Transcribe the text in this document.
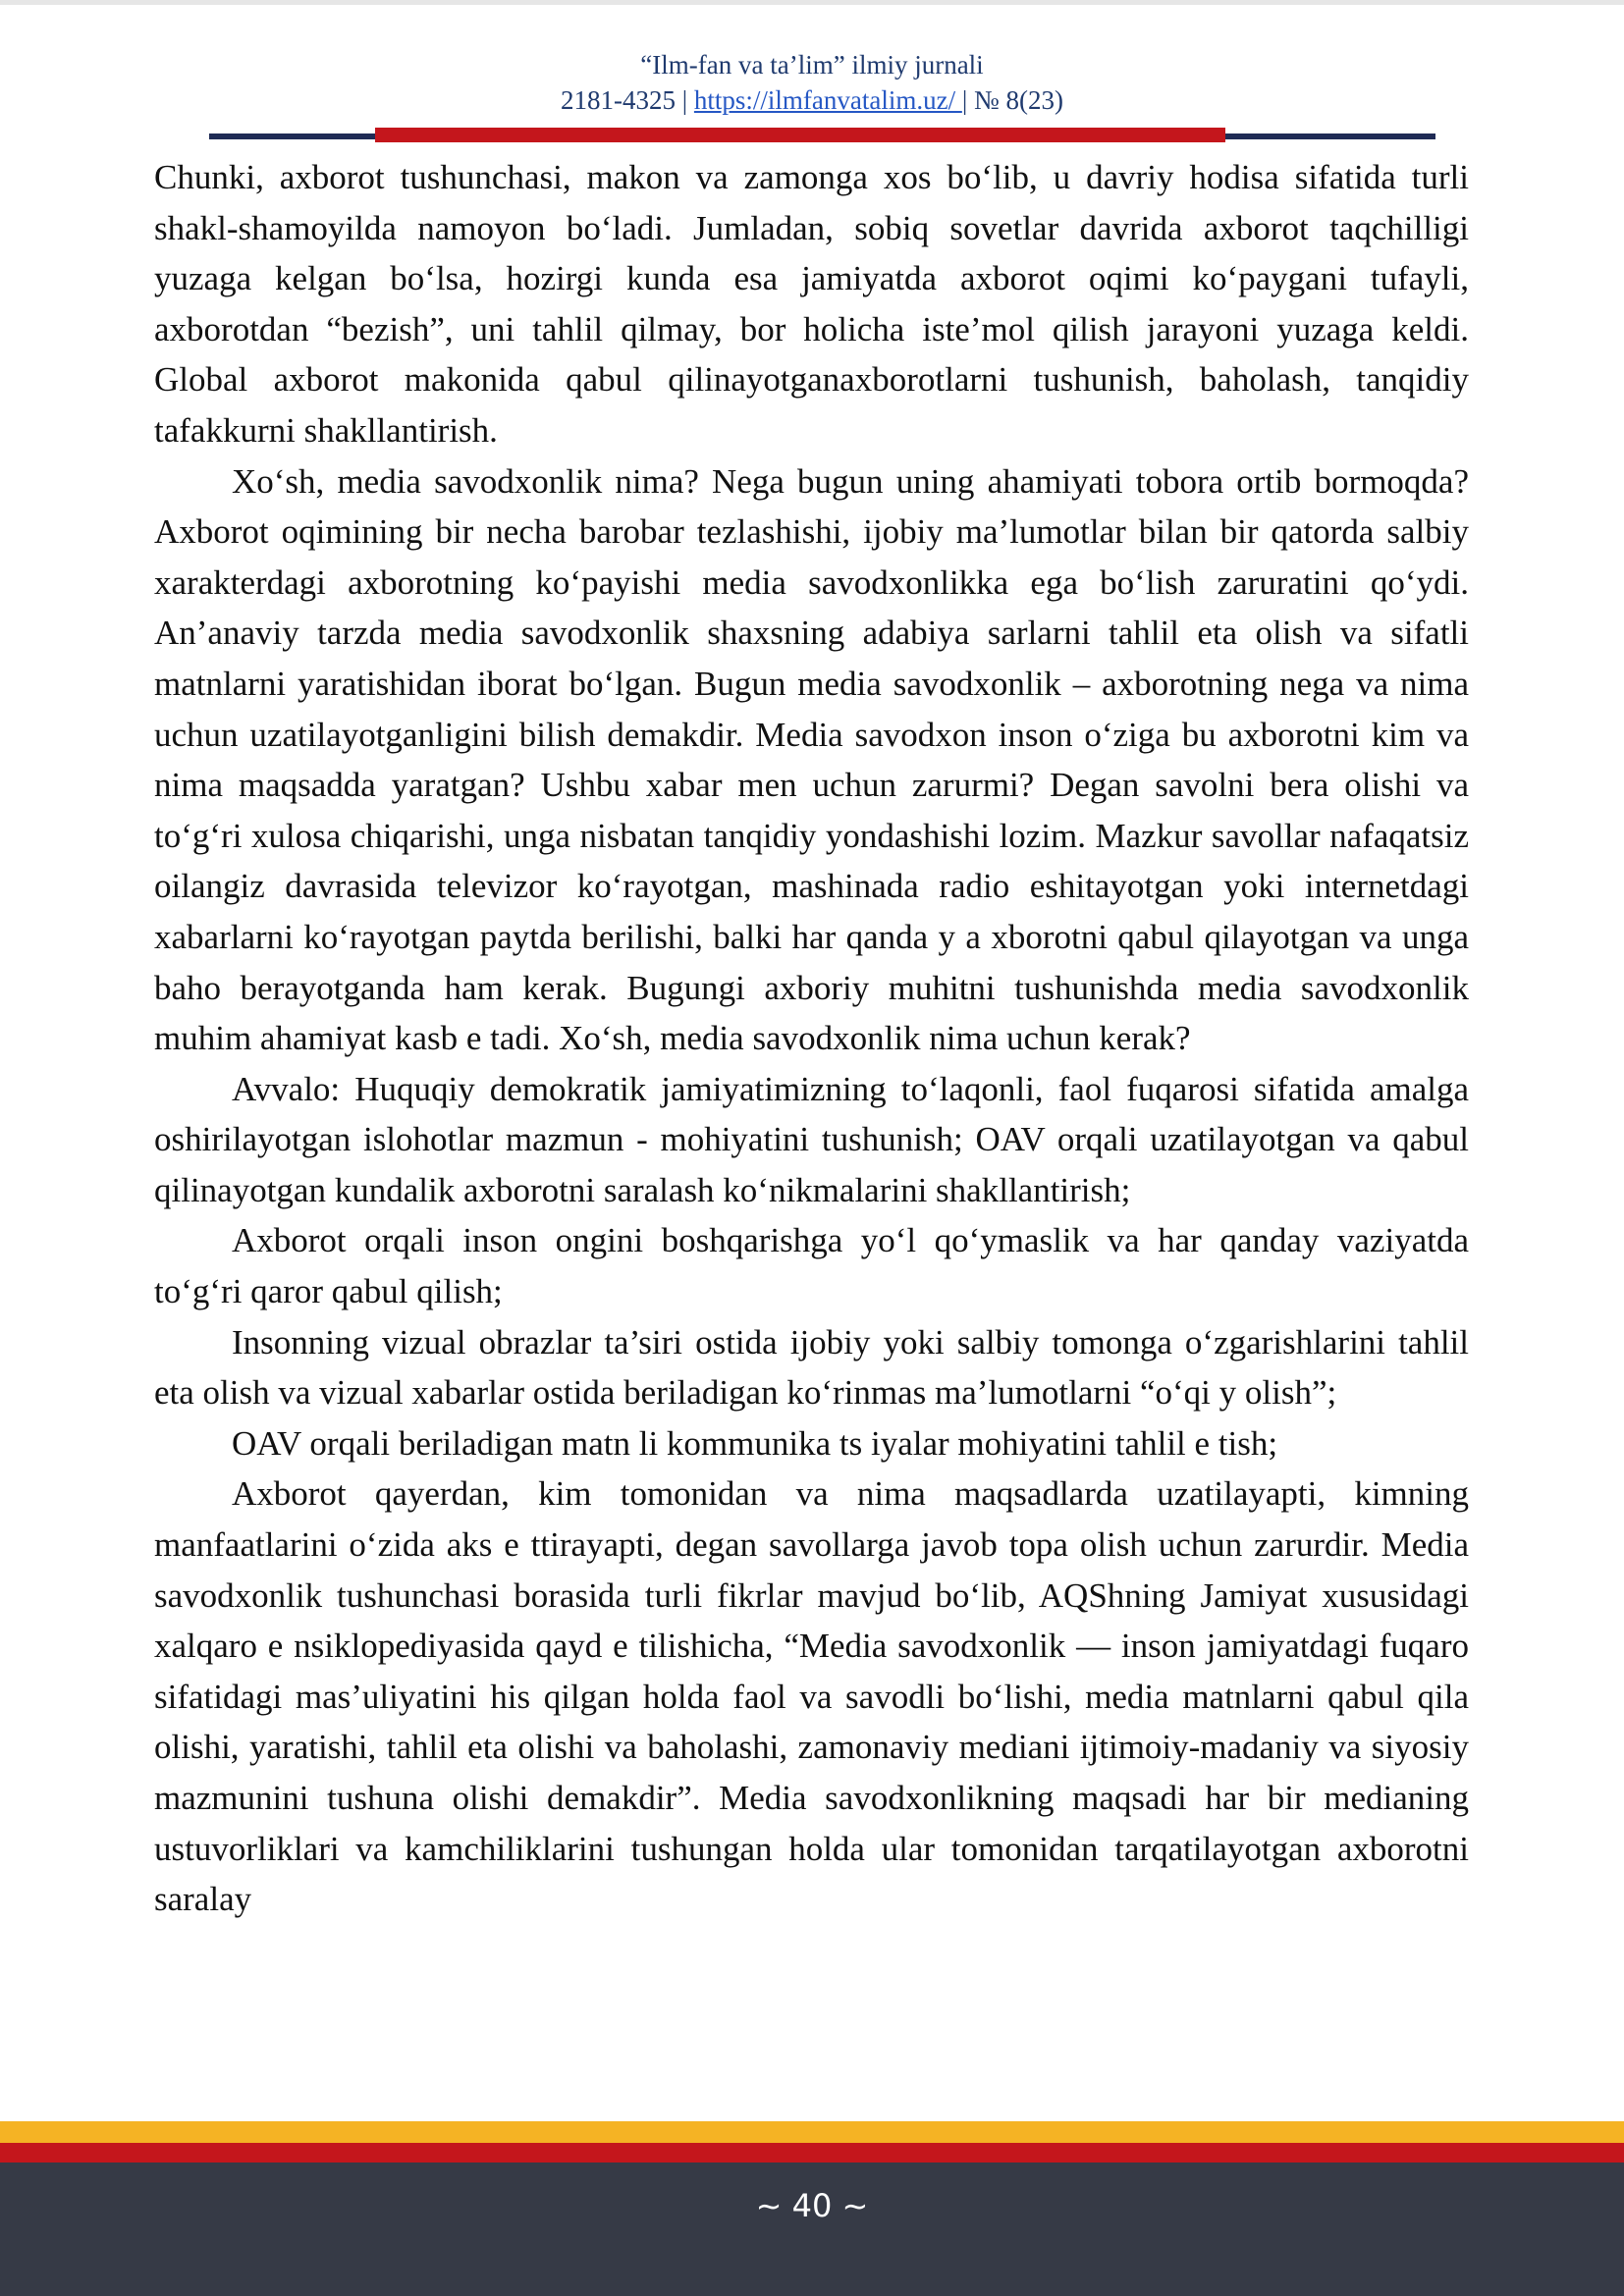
“Ilm-fan va ta’lim” ilmiy jurnali
2181-4325 | https://ilmfanvatalim.uz/ | № 8(23)

Chunki, axborot tushunchasi, makon va zamonga xos bo‘lib, u davriy hodisa sifatida turli shakl-shamoyilda namoyon bo‘ladi. Jumladan, sobiq sovetlar davrida axborot taqchilligi yuzaga kelgan bo‘lsa, hozirgi kunda esa jamiyatda axborot oqimi ko‘paygani tufayli, axborotdan “bezish”, uni tahlil qilmay, bor holicha iste’mol qilish jarayoni yuzaga keldi. Global axborot makonida qabul qilinayotganaxborotlarni tushunish, baholash, tanqidiy tafakkurni shakllantirish.

Xo‘sh, media savodxonlik nima? Nega bugun uning ahamiyati tobora ortib bormoqda? Axborot oqimining bir necha barobar tezlashishi, ijobiy ma’lumotlar bilan bir qatorda salbiy xarakterdagi axborotning ko‘payishi media savodxonlikka ega bo‘lish zaruratini qo‘ydi. An’anaviy tarzda media savodxonlik shaxsning adabiya sarlarni tahlil eta olish va sifatli matnlarni yaratishidan iborat bo‘lgan. Bugun media savodxonlik – axborotning nega va nima uchun uzatilayotganligini bilish demakdir. Media savodxon inson o‘ziga bu axborotni kim va nima maqsadda yaratgan? Ushbu xabar men uchun zarurmi? Degan savolni bera olishi va to‘g‘ri xulosa chiqarishi, unga nisbatan tanqidiy yondashishi lozim. Mazkur savollar nafaqatsiz oilangiz davrasida televizor ko‘rayotgan, mashinada radio eshitayotgan yoki internetdagi xabarlarni ko‘rayotgan paytda berilishi, balki har qanda y a xborotni qabul qilayotgan va unga baho berayotganda ham kerak. Bugungi axboriy muhitni tushunishda media savodxonlik muhim ahamiyat kasb e tadi. Xo‘sh, media savodxonlik nima uchun kerak?

Avvalo: Huquqiy demokratik jamiyatimizning to‘laqonli, faol fuqarosi sifatida amalga oshirilayotgan islohotlar mazmun - mohiyatini tushunish; OAV orqali uzatilayotgan va qabul qilinayotgan kundalik axborotni saralash ko‘nikmalarini shakllantirish;

Axborot orqali inson ongini boshqarishga yo‘l qo‘ymaslik va har qanday vaziyatda to‘g‘ri qaror qabul qilish;

Insonning vizual obrazlar ta’siri ostida ijobiy yoki salbiy tomonga o‘zgarishlarini tahlil eta olish va vizual xabarlar ostida beriladigan ko‘rinmas ma’lumotlarni “o‘qi y olish”;

OAV orqali beriladigan matn li kommunika ts iyalar mohiyatini tahlil e tish;

Axborot qayerdan, kim tomonidan va nima maqsadlarda uzatilayapti, kimning manfaatlarini o‘zida aks e ttirayapti, degan savollarga javob topa olish uchun zarurdir. Media savodxonlik tushunchasi borasida turli fikrlar mavjud bo‘lib, AQShning Jamiyat xususidagi xalqaro e nsiklopediyasida qayd e tilishicha, “Media savodxonlik — inson jamiyatdagi fuqaro sifatidagi mas’uliyatini his qilgan holda faol va savodli bo‘lishi, media matnlarni qabul qila olishi, yaratishi, tahlil eta olishi va baholashi, zamonaviy mediani ijtimoiy-madaniy va siyosiy mazmunini tushuna olishi demakdir”. Media savodxonlikning maqsadi har bir medianing ustuvorliklari va kamchiliklarini tushungan holda ular tomonidan tarqatilayotgan axborotni saralay

~ 40 ~
